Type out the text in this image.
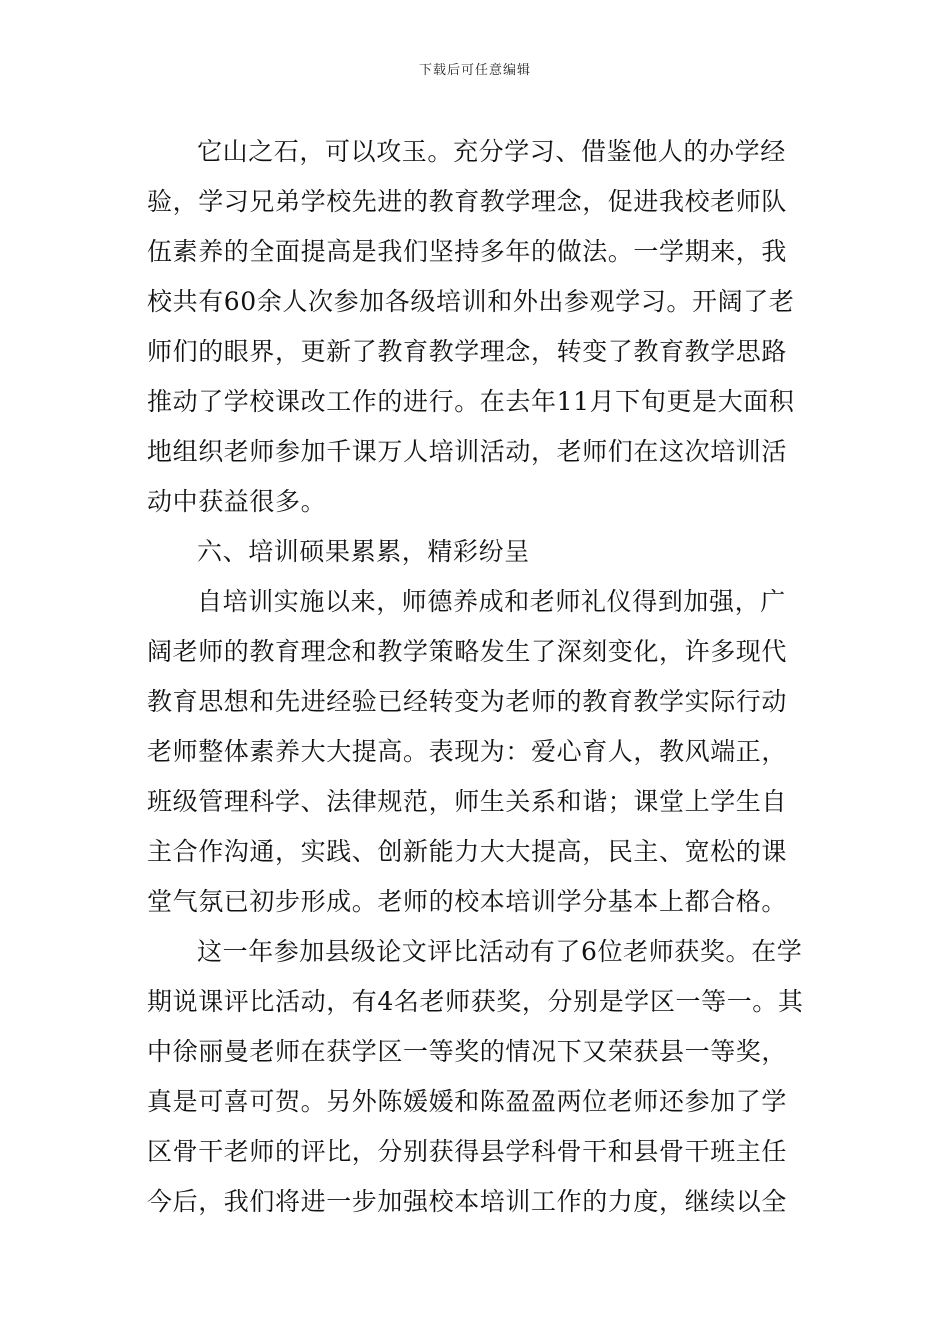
下载后可任意编辑
它山之石，可以攻玉。充分学习、借鉴他人的办学经
验，学习兄弟学校先进的教育教学理念，促进我校老师队
伍素养的全面提高是我们坚持多年的做法。一学期来，我
校共有60余人次参加各级培训和外出参观学习。开阔了老
师们的眼界，更新了教育教学理念，转变了教育教学思路
推动了学校课改工作的进行。在去年11月下旬更是大面积
地组织老师参加千课万人培训活动，老师们在这次培训活
动中获益很多。
六、培训硕果累累，精彩纷呈
自培训实施以来，师德养成和老师礼仪得到加强，广
阔老师的教育理念和教学策略发生了深刻变化，许多现代
教育思想和先进经验已经转变为老师的教育教学实际行动
老师整体素养大大提高。表现为：爱心育人，教风端正，
班级管理科学、法律规范，师生关系和谐；课堂上学生自
主合作沟通，实践、创新能力大大提高，民主、宽松的课
堂气氛已初步形成。老师的校本培训学分基本上都合格。
这一年参加县级论文评比活动有了6位老师获奖。在学
期说课评比活动，有4名老师获奖，分别是学区一等一。其
中徐丽曼老师在获学区一等奖的情况下又荣获县一等奖，
真是可喜可贺。另外陈媛媛和陈盈盈两位老师还参加了学
区骨干老师的评比，分别获得县学科骨干和县骨干班主任
今后，我们将进一步加强校本培训工作的力度，继续以全
